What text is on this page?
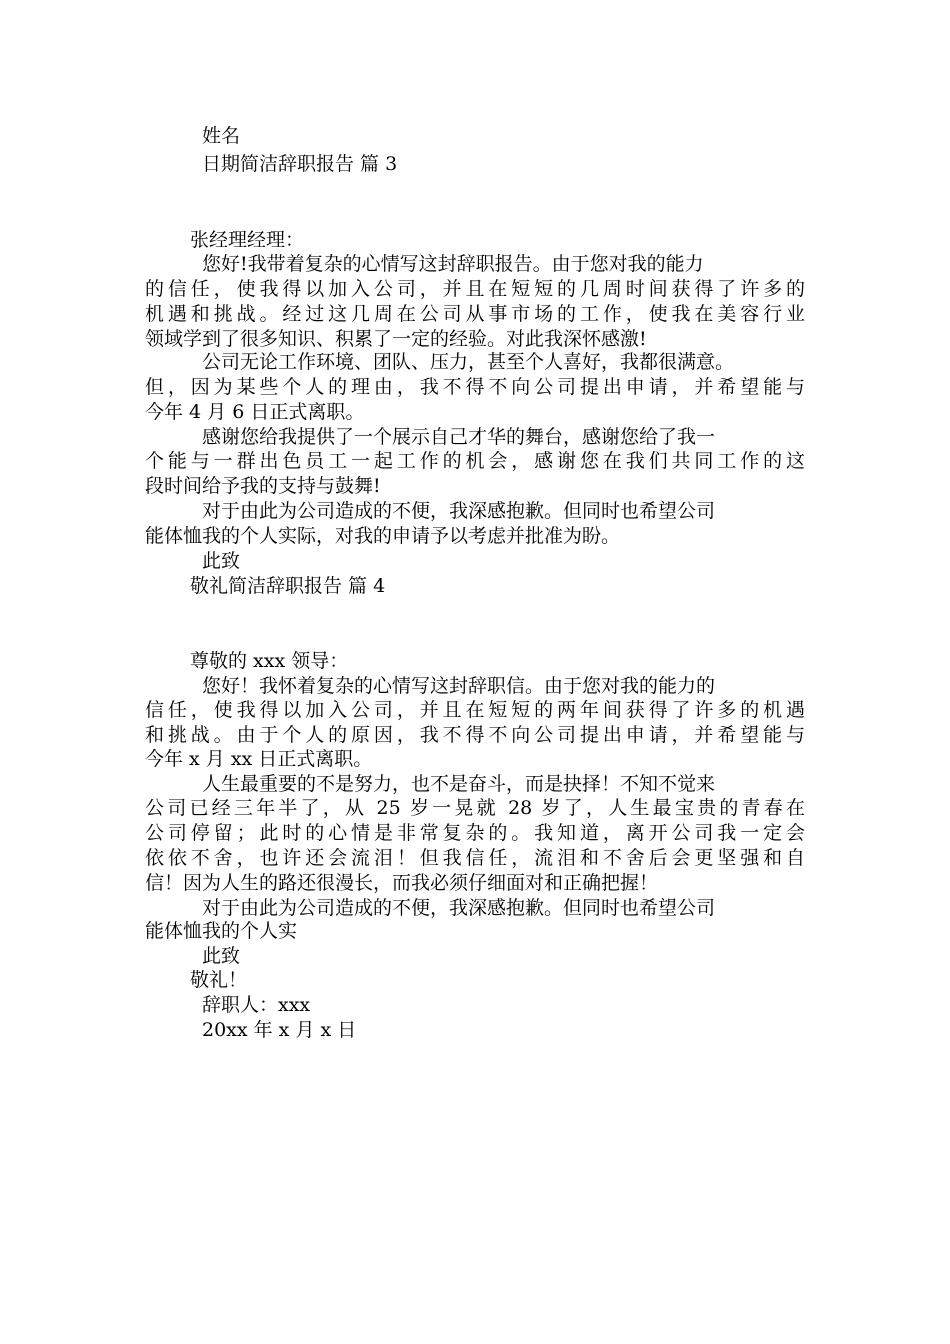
姓名
日期简洁辞职报告 篇 3
张经理经理：
您好!我带着复杂的心情写这封辞职报告。由于您对我的能力
的信任，使我得以加入公司，并且在短短的几周时间获得了许多的
机遇和挑战。经过这几周在公司从事市场的工作，使我在美容行业
领域学到了很多知识、积累了一定的经验。对此我深怀感激!
公司无论工作环境、团队、压力，甚至个人喜好，我都很满意。
但，因为某些个人的理由，我不得不向公司提出申请，并希望能与
今年 4 月 6 日正式离职。
感谢您给我提供了一个展示自己才华的舞台，感谢您给了我一
个能与一群出色员工一起工作的机会，感谢您在我们共同工作的这
段时间给予我的支持与鼓舞!
对于由此为公司造成的不便，我深感抱歉。但同时也希望公司
能体恤我的个人实际，对我的申请予以考虑并批准为盼。
此致
敬礼简洁辞职报告 篇 4
尊敬的 xxx 领导：
您好！我怀着复杂的心情写这封辞职信。由于您对我的能力的
信任，使我得以加入公司，并且在短短的两年间获得了许多的机遇
和挑战。由于个人的原因，我不得不向公司提出申请，并希望能与
今年 x 月 xx 日正式离职。
人生最重要的不是努力，也不是奋斗，而是抉择！不知不觉来
公司已经三年半了，从 25 岁一晃就 28 岁了，人生最宝贵的青春在
公司停留；此时的心情是非常复杂的。我知道，离开公司我一定会
依依不舍，也许还会流泪！但我信任，流泪和不舍后会更坚强和自
信！因为人生的路还很漫长，而我必须仔细面对和正确把握！
对于由此为公司造成的不便，我深感抱歉。但同时也希望公司
能体恤我的个人实
此致
敬礼！
辞职人：xxx
20xx 年 x 月 x 日
